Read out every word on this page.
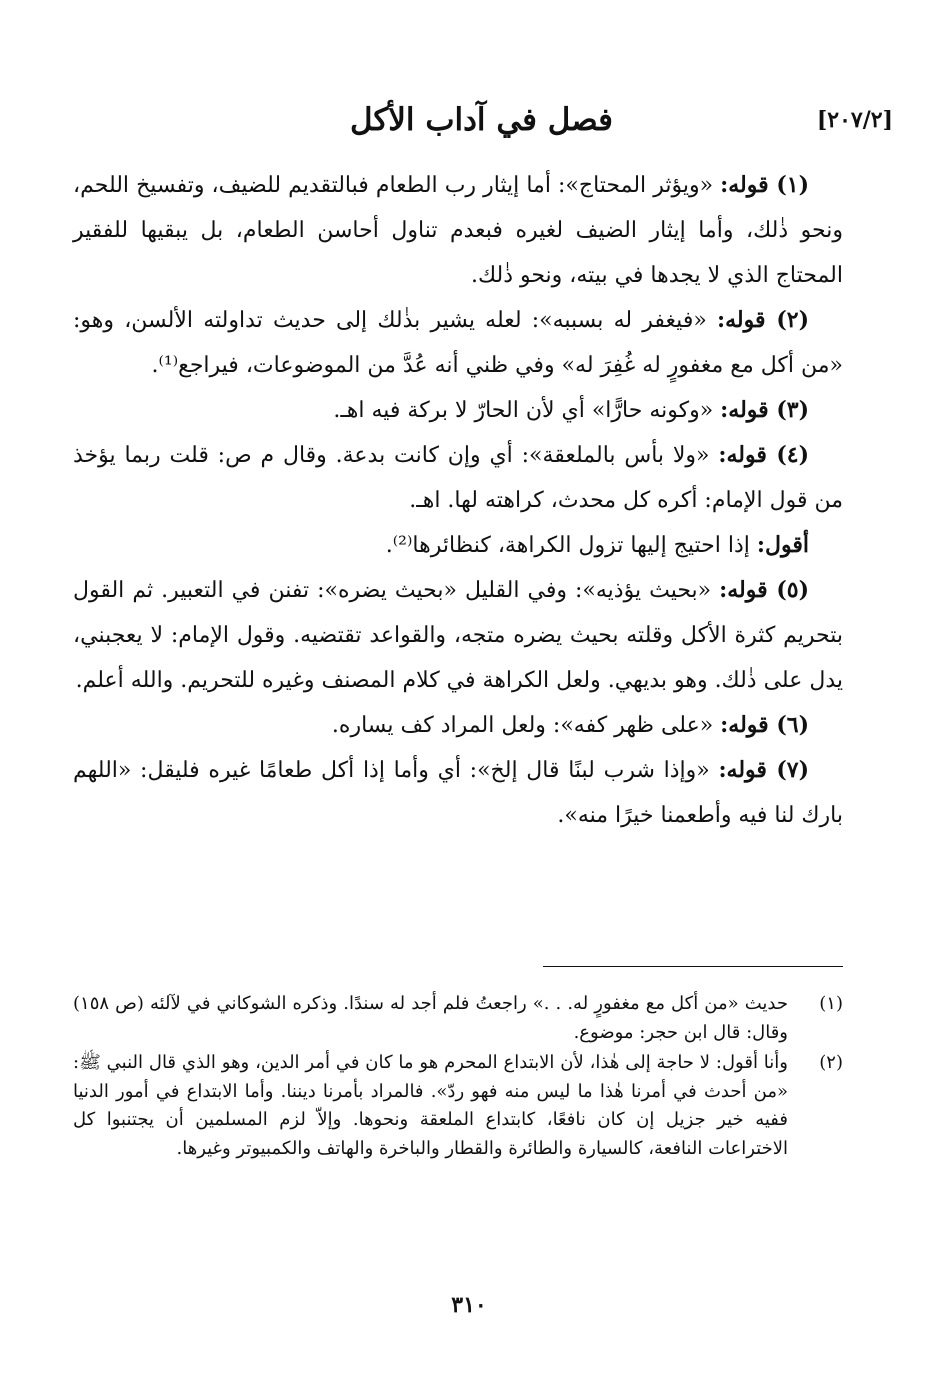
فصل في آداب الأكل	[٢٠٧/٢]

(١) قوله: «ويؤثر المحتاج»: أما إيثار رب الطعام فبالتقديم للضيف، وتفسيخ اللحم، ونحو ذٰلك، وأما إيثار الضيف لغيره فبعدم تناول أحاسن الطعام، بل يبقيها للفقير المحتاج الذي لا يجدها في بيته، ونحو ذٰلك.

(٢) قوله: «فيغفر له بسببه»: لعله يشير بذٰلك إلى حديث تداولته الألسن، وهو: «من أكل مع مغفورٍ له غُفِرَ له» وفي ظني أنه عُدَّ من الموضوعات، فيراجع⁽¹⁾.

(٣) قوله: «وكونه حارًّا» أي لأن الحارّ لا بركة فيه اهـ.

(٤) قوله: «ولا بأس بالملعقة»: أي وإن كانت بدعة. وقال م ص: قلت ربما يؤخذ من قول الإمام: أكره كل محدث، كراهته لها. اهـ.

أقول: إذا احتيج إليها تزول الكراهة، كنظائرها⁽²⁾.

(٥) قوله: «بحيث يؤذيه»: وفي القليل «بحيث يضره»: تفنن في التعبير. ثم القول بتحريم كثرة الأكل وقلته بحيث يضره متجه، والقواعد تقتضيه. وقول الإمام: لا يعجبني، يدل على ذٰلك. وهو بديهي. ولعل الكراهة في كلام المصنف وغيره للتحريم. والله أعلم.

(٦) قوله: «على ظهر كفه»: ولعل المراد كف يساره.

(٧) قوله: «وإذا شرب لبنًا قال إلخ»: أي وأما إذا أكل طعامًا غيره فليقل: «اللهم بارك لنا فيه وأطعمنا خيرًا منه».

(١)
حديث «من أكل مع مغفورٍ له. . .» راجعتُ فلم أجد له سندًا. وذكره الشوكاني في لآلئه (ص ١٥٨) وقال: قال ابن حجر: موضوع.
(٢)
وأنا أقول: لا حاجة إلى هٰذا، لأن الابتداع المحرم هو ما كان في أمر الدين، وهو الذي قال النبي ﷺ: «من أحدث في أمرنا هٰذا ما ليس منه فهو ردّ». فالمراد بأمرنا ديننا. وأما الابتداع في أمور الدنيا ففيه خير جزيل إن كان نافعًا، كابتداع الملعقة ونحوها. وإلاّ لزم المسلمين أن يجتنبوا كل الاختراعات النافعة، كالسيارة والطائرة والقطار والباخرة والهاتف والكمبيوتر وغيرها.
٣١٠
